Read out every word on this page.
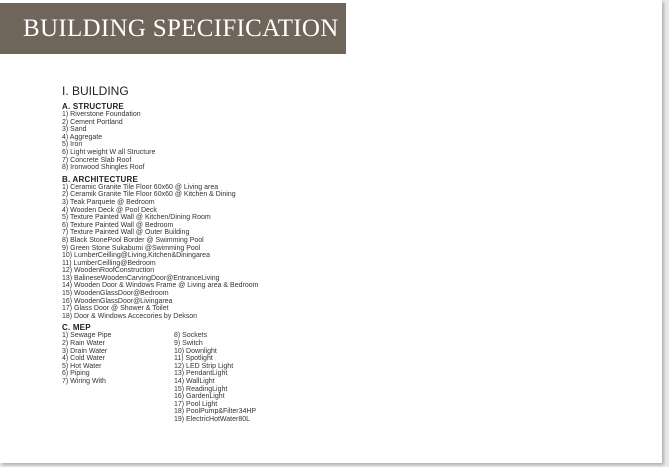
BUILDING SPECIFICATION
I. BUILDING
A. STRUCTURE
1) Riverstone Foundation
2) Cement Portland
3) Sand
4) Aggregate
5) Iron
6) Light weight W all Structure
7) Concrete Slab Roof
8) Ironwood Shingles Roof
B. ARCHITECTURE
1) Ceramic Granite Tile Floor 60x60 @ Living area
2) Ceramik Granite Tile Floor 60x60 @ Kitchen & Dining
3) Teak Parquete @ Bedroom
4) Wooden Deck @ Pool Deck
5) Texture Painted Wall @ Kitchen/Dining Room
6) Texture Painted Wall @ Bedroom
7) Texture Painted Wall @ Outer Building
8) Black StonePool Border @ Swimming Pool
9) Green Stone Sukabumi @Swimming Pool
10) LumberCeilling@Living,Kitchen&Diningarea
11) LumberCeilling@Bedroom
12) WoodenRoofConstruction
13) BalineseWoodenCarvingDoor@EntranceLiving
14) Wooden Door & Windows Frame @ Living area & Bedroom
15) WoodenGlassDoor@Bedroom
16) WoodenGlassDoor@Livingarea
17) Glass Door @ Shower & Toilet
18) Door & Windows Accecories by Dekson
C. MEP
1) Sewage Pipe
2) Rain Water
3) Drain Water
4) Cold Water
5) Hot Water
6) Piping
7) Wiring With
8) Sockets
9) Switch
10) Downlight
11) Spotlight
12) LED Strip Light
13) PendantLight
14) WallLight
15) ReadingLight
16) GardenLight
17) Pool Light
18) PoolPump&Filter34HP
19) ElectricHotWater80L
